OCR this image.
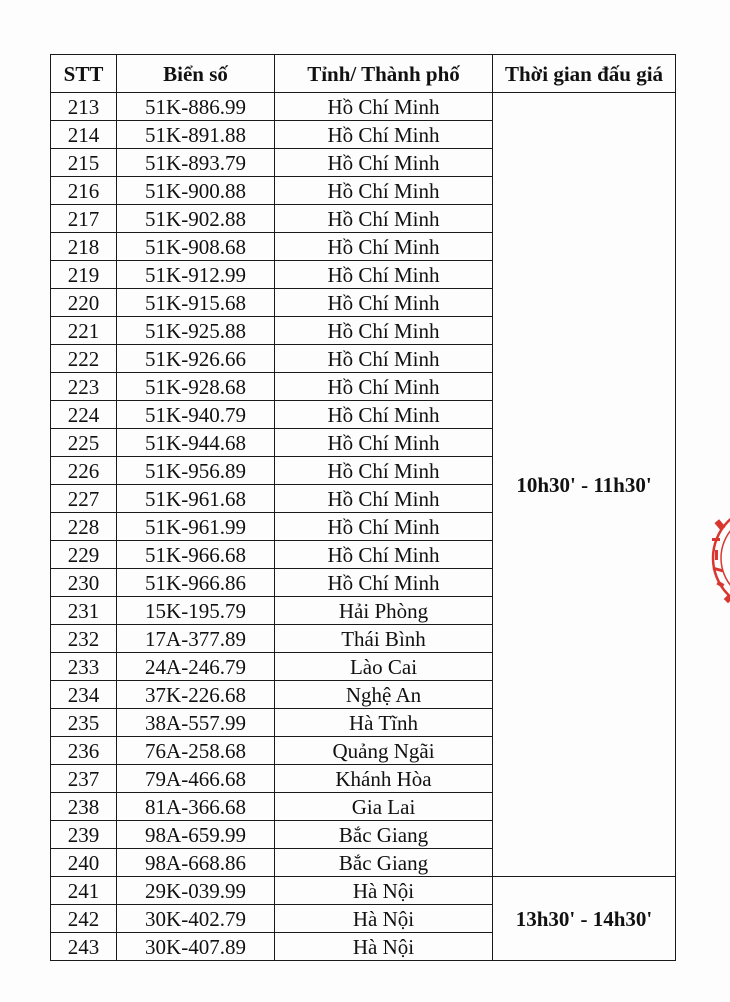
STT	Biển số	Tỉnh/ Thành phố	Thời gian đấu giá
213	51K-886.99	Hồ Chí Minh	10h30' - 11h30'
214	51K-891.88	Hồ Chí Minh	
215	51K-893.79	Hồ Chí Minh	
216	51K-900.88	Hồ Chí Minh	
217	51K-902.88	Hồ Chí Minh	
218	51K-908.68	Hồ Chí Minh	
219	51K-912.99	Hồ Chí Minh	
220	51K-915.68	Hồ Chí Minh	
221	51K-925.88	Hồ Chí Minh	
222	51K-926.66	Hồ Chí Minh	
223	51K-928.68	Hồ Chí Minh	
224	51K-940.79	Hồ Chí Minh	
225	51K-944.68	Hồ Chí Minh	
226	51K-956.89	Hồ Chí Minh	
227	51K-961.68	Hồ Chí Minh	
228	51K-961.99	Hồ Chí Minh	
229	51K-966.68	Hồ Chí Minh	
230	51K-966.86	Hồ Chí Minh	
231	15K-195.79	Hải Phòng	
232	17A-377.89	Thái Bình	
233	24A-246.79	Lào Cai	
234	37K-226.68	Nghệ An	
235	38A-557.99	Hà Tĩnh	
236	76A-258.68	Quảng Ngãi	
237	79A-466.68	Khánh Hòa	
238	81A-366.68	Gia Lai	
239	98A-659.99	Bắc Giang	
240	98A-668.86	Bắc Giang	
241	29K-039.99	Hà Nội	13h30' - 14h30'
242	30K-402.79	Hà Nội	
243	30K-407.89	Hà Nội	
